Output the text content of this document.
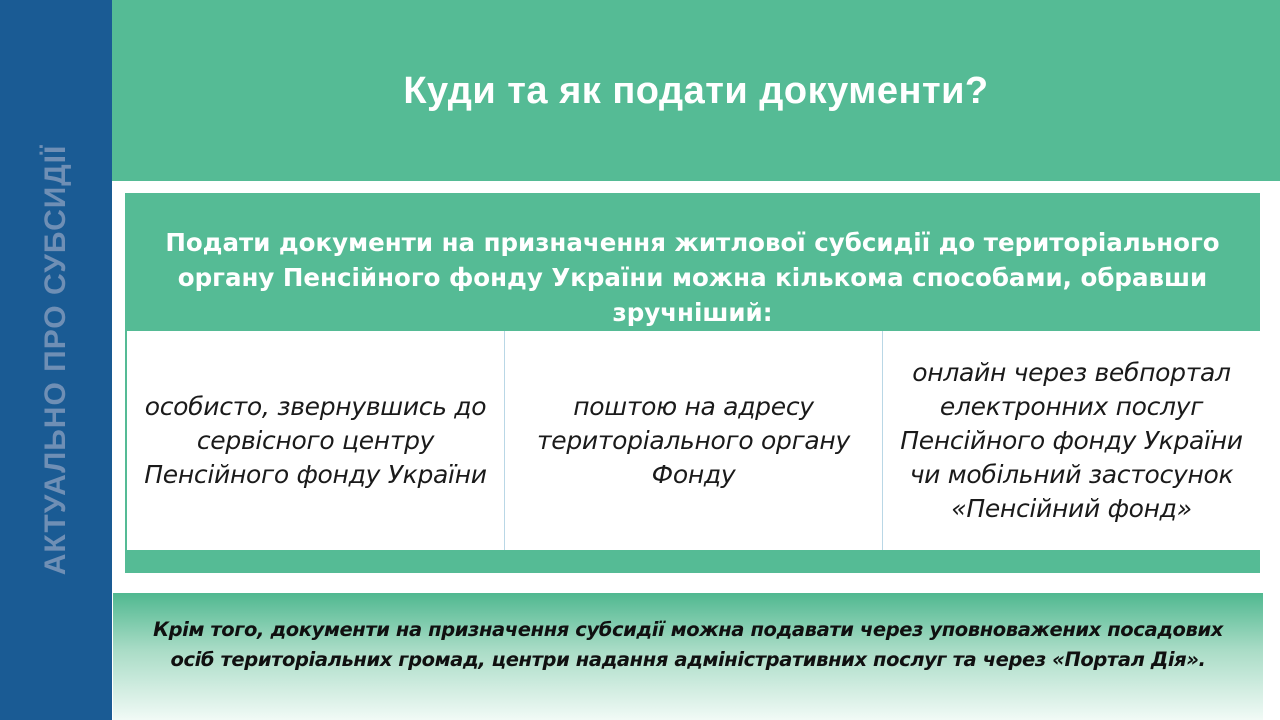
АКТУАЛЬНО ПРО СУБСИДІЇ
Куди та як подати документи?
Подати документи на призначення житлової субсидії до територіального органу Пенсійного фонду України можна кількома способами, обравши зручніший:
особисто, звернувшись до сервісного центру Пенсійного фонду України
поштою на адресу територіального органу Фонду
онлайн через вебпортал електронних послуг Пенсійного фонду України чи мобільний застосунок «Пенсійний фонд»
Крім того, документи на призначення субсидії можна подавати через уповноважених посадових осіб територіальних громад, центри надання адміністративних послуг та через «Портал Дія».
